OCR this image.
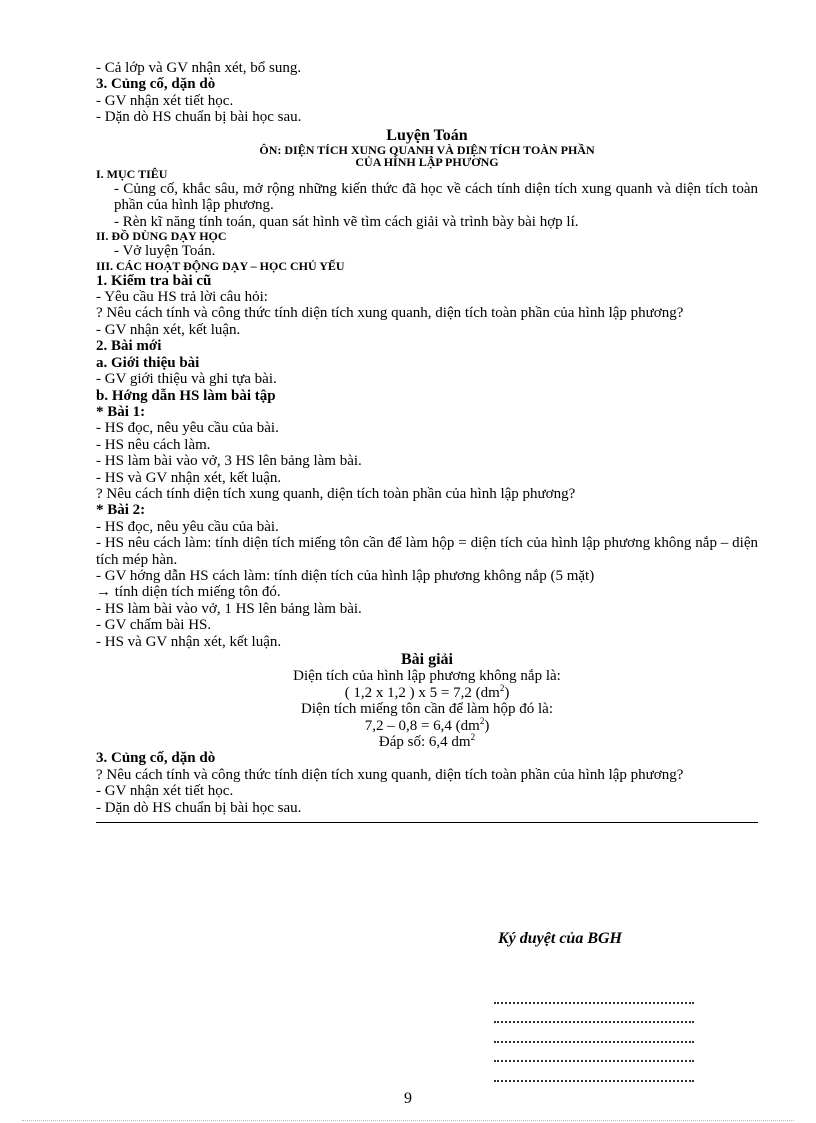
- Cả lớp và GV nhận xét, bổ sung.
3. Củng cố, dặn dò
- GV nhận xét tiết học.
- Dặn dò HS chuẩn bị bài học sau.
Luyện Toán
ÔN: DIỆN TÍCH XUNG QUANH VÀ DIỆN TÍCH TOÀN PHẦN
CỦA HÌNH LẬP PHƯƠNG
I. MỤC TIÊU
- Củng cố, khắc sâu, mở rộng những kiến thức đã học về cách tính diện tích xung quanh và diện tích toàn phần của hình lập phương.
- Rèn kĩ năng tính toán, quan sát hình vẽ tìm cách giải và trình bày bài hợp lí.
II. ĐỒ DÙNG DẠY HỌC
- Vở luyện Toán.
III. CÁC HOẠT ĐỘNG DẠY – HỌC CHỦ YẾU
1. Kiểm tra bài cũ
- Yêu cầu HS trả lời câu hỏi:
? Nêu cách tính và công thức tính diện tích xung quanh, diện tích toàn phần của hình lập phương?
- GV nhận xét, kết luận.
2. Bài mới
a. Giới thiệu bài
- GV giới thiệu và ghi tựa bài.
b. Hớng dẫn HS làm bài tập
* Bài 1:
- HS đọc, nêu yêu cầu của bài.
- HS nêu cách làm.
- HS làm bài vào vở, 3 HS lên bảng làm bài.
- HS và GV nhận xét, kết luận.
? Nêu cách tính diện tích xung quanh, diện tích toàn phần của hình lập phương?
* Bài 2:
- HS đọc, nêu yêu cầu của bài.
- HS nêu cách làm: tính diện tích miếng tôn cần để làm hộp = diện tích của hình lập phương không nắp – diện tích mép hàn.
- GV hớng dẫn HS cách làm: tính diện tích của hình lập phương không nắp (5 mặt)
→ tính diện tích miếng tôn đó.
- HS làm bài vào vở, 1 HS lên bảng làm bài.
- GV chấm bài HS.
- HS và GV nhận xét, kết luận.
Bài giải
Diện tích của hình lập phương không nắp là:
( 1,2 x 1,2 ) x 5 = 7,2 $(dm^2)$
Diện tích miếng tôn cần để làm hộp đó là:
7,2 – 0,8 = 6,4 $(dm^2)$
Đáp số: 6,4 $dm^2$
3. Củng cố, dặn dò
? Nêu cách tính và công thức tính diện tích xung quanh, diện tích toàn phần của hình lập phương?
- GV nhận xét tiết học.
- Dặn dò HS chuẩn bị bài học sau.
Ký duyệt của BGH
9
